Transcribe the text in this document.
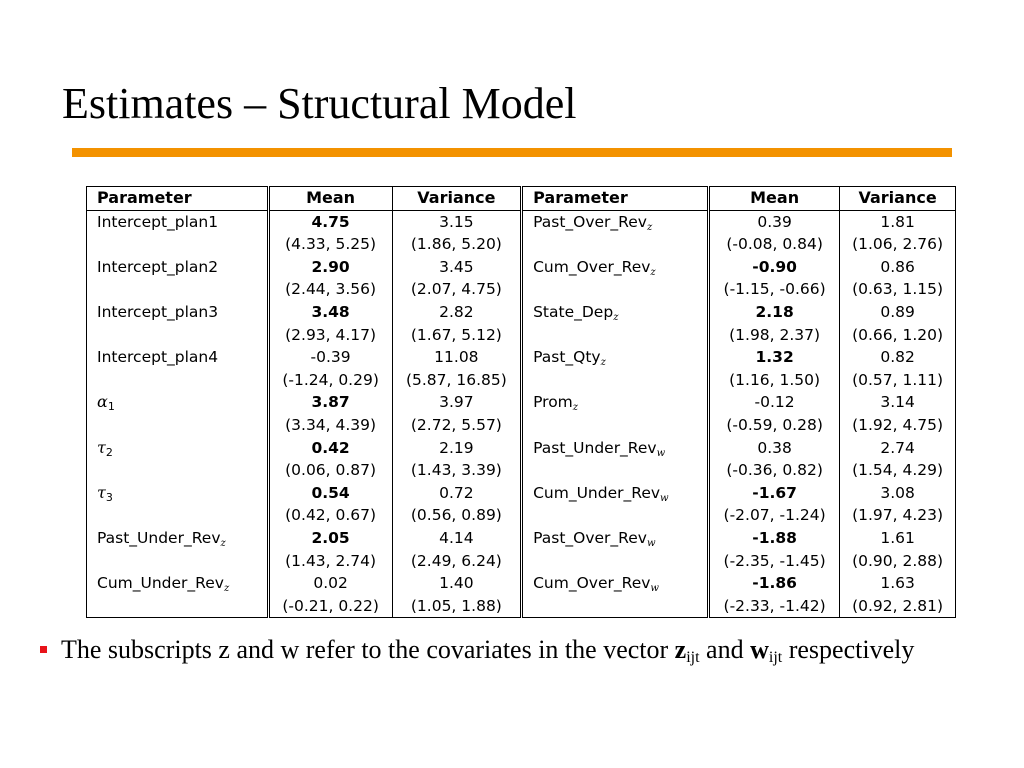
Estimates – Structural Model
Parameter	Mean	Variance	Parameter	Mean	Variance
Intercept_plan1	4.75	3.15	Past_Over_Rev$_z$	0.39	1.81
	(4.33, 5.25)	(1.86, 5.20)		(-0.08, 0.84)	(1.06, 2.76)
Intercept_plan2	2.90	3.45	Cum_Over_Rev$_z$	-0.90	0.86
	(2.44, 3.56)	(2.07, 4.75)		(-1.15, -0.66)	(0.63, 1.15)
Intercept_plan3	3.48	2.82	State_Dep$_z$	2.18	0.89
	(2.93, 4.17)	(1.67, 5.12)		(1.98, 2.37)	(0.66, 1.20)
Intercept_plan4	-0.39	11.08	Past_Qty$_z$	1.32	0.82
	(-1.24, 0.29)	(5.87, 16.85)		(1.16, 1.50)	(0.57, 1.11)
α1	3.87	3.97	Prom$_z$	-0.12	3.14
	(3.34, 4.39)	(2.72, 5.57)		(-0.59, 0.28)	(1.92, 4.75)
τ2	0.42	2.19	Past_Under_Rev$_w$	0.38	2.74
	(0.06, 0.87)	(1.43, 3.39)		(-0.36, 0.82)	(1.54, 4.29)
τ3	0.54	0.72	Cum_Under_Rev$_w$	-1.67	3.08
	(0.42, 0.67)	(0.56, 0.89)		(-2.07, -1.24)	(1.97, 4.23)
Past_Under_Rev$_z$	2.05	4.14	Past_Over_Rev$_w$	-1.88	1.61
	(1.43, 2.74)	(2.49, 6.24)		(-2.35, -1.45)	(0.90, 2.88)
Cum_Under_Rev$_z$	0.02	1.40	Cum_Over_Rev$_w$	-1.86	1.63
	(-0.21, 0.22)	(1.05, 1.88)		(-2.33, -1.42)	(0.92, 2.81)
The subscripts z and w refer to the covariates in the vector $z_{ijt}$ and $w_{ijt}$ respectively
